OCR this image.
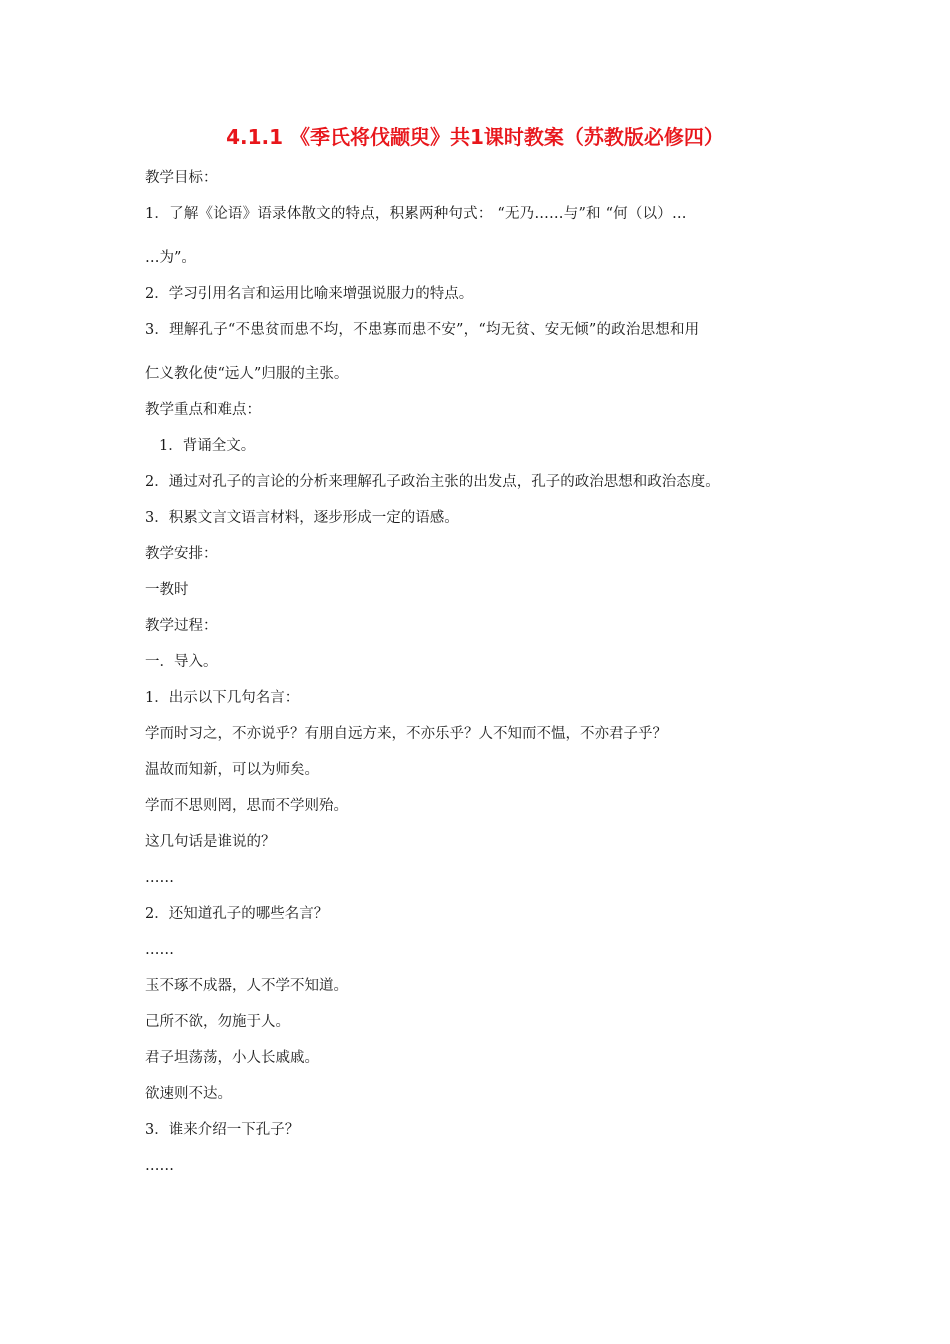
4.1.1 《季氏将伐颛臾》共1课时教案（苏教版必修四）
教学目标：
1．了解《论语》语录体散文的特点，积累两种句式： “无乃……与”和 “何（以）…
…为”。
2．学习引用名言和运用比喻来增强说服力的特点。
3．理解孔子“不患贫而患不均，不患寡而患不安”，“均无贫、安无倾”的政治思想和用
仁义教化使“远人”归服的主张。
教学重点和难点：
1．背诵全文。
2．通过对孔子的言论的分析来理解孔子政治主张的出发点，孔子的政治思想和政治态度。
3．积累文言文语言材料，逐步形成一定的语感。
教学安排：
一教时
教学过程：
一．导入。
1．出示以下几句名言：
学而时习之，不亦说乎？有朋自远方来，不亦乐乎？人不知而不愠，不亦君子乎？
温故而知新，可以为师矣。
学而不思则罔，思而不学则殆。
这几句话是谁说的？
……
2．还知道孔子的哪些名言？
……
玉不琢不成器，人不学不知道。
己所不欲，勿施于人。
君子坦荡荡，小人长戚戚。
欲速则不达。
3．谁来介绍一下孔子？
……
